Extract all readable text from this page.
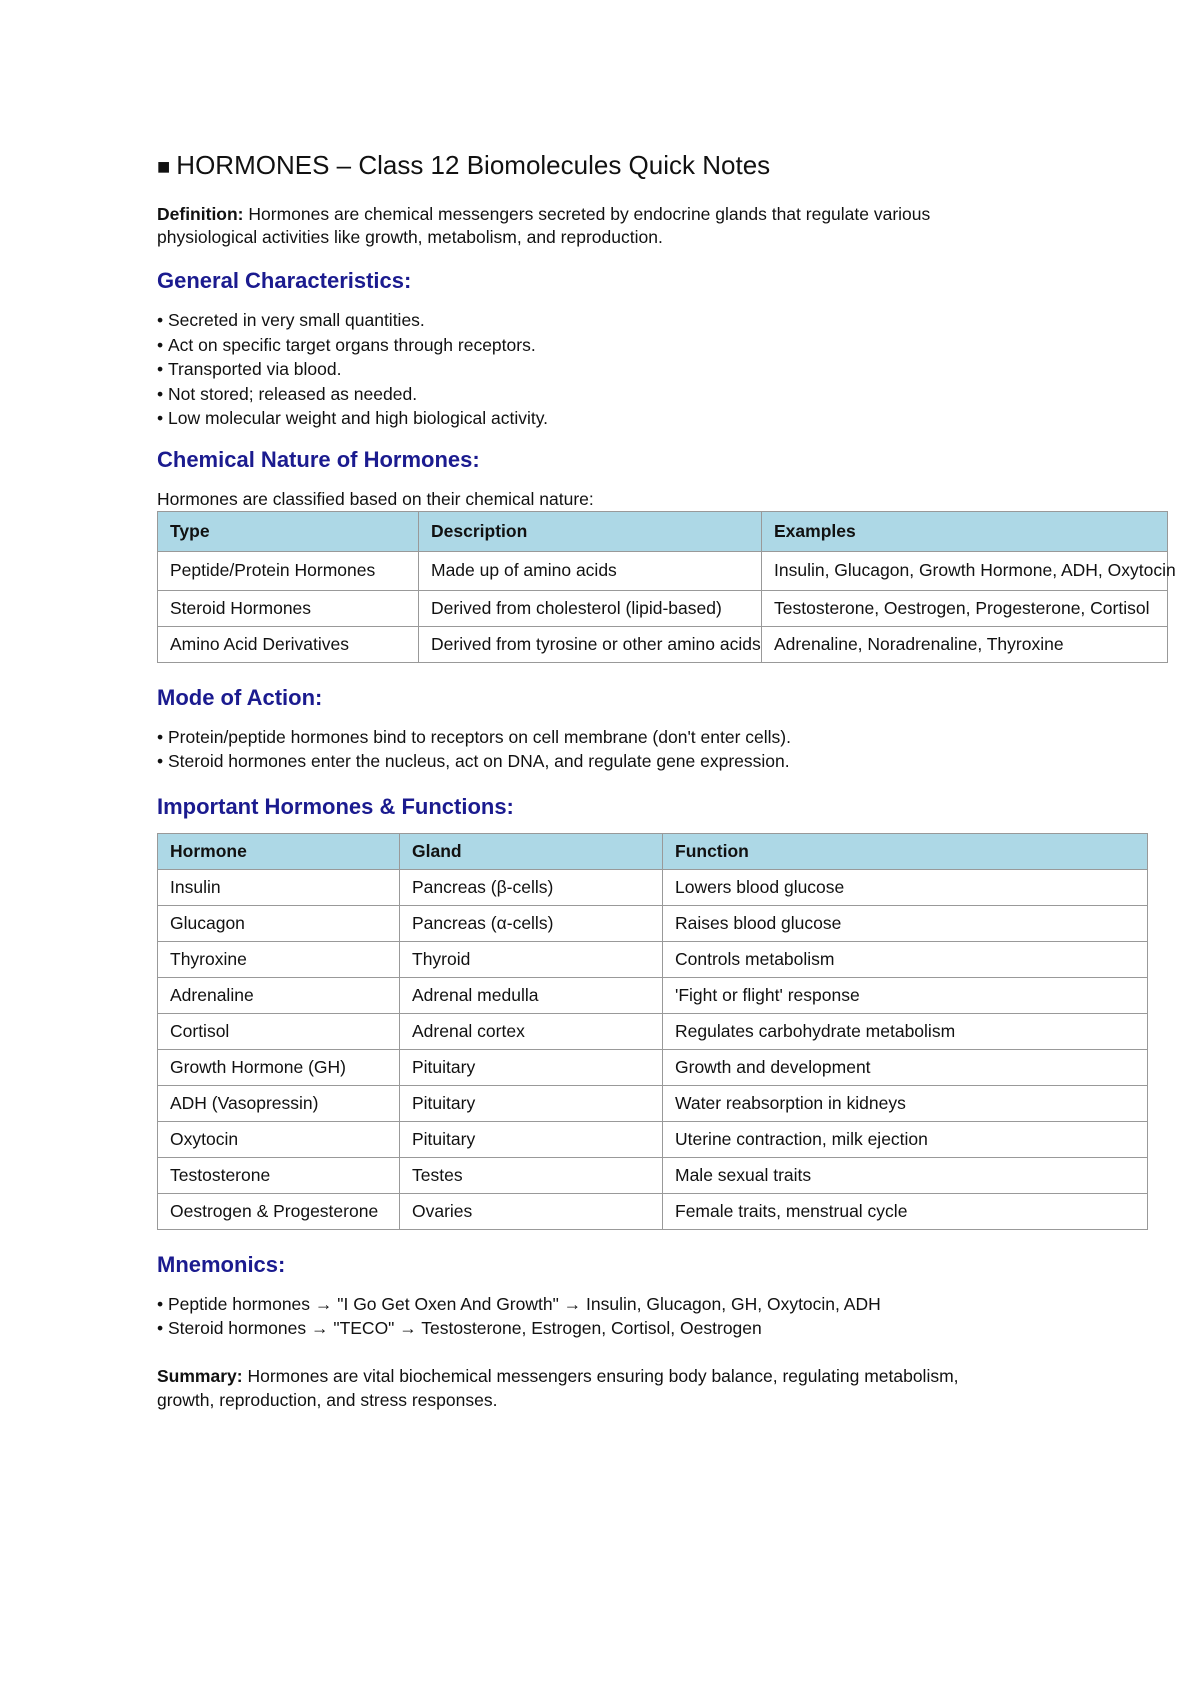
■ HORMONES – Class 12 Biomolecules Quick Notes

Definition: Hormones are chemical messengers secreted by endocrine glands that regulate various physiological activities like growth, metabolism, and reproduction.

General Characteristics:
• Secreted in very small quantities.
• Act on specific target organs through receptors.
• Transported via blood.
• Not stored; released as needed.
• Low molecular weight and high biological activity.
Chemical Nature of Hormones:

Hormones are classified based on their chemical nature:

Type	Description	Examples
Peptide/Protein Hormones	Made up of amino acids	Insulin, Glucagon, Growth Hormone, ADH, Oxytocin
Steroid Hormones	Derived from cholesterol (lipid-based)	Testosterone, Oestrogen, Progesterone, Cortisol
Amino Acid Derivatives	Derived from tyrosine or other amino acids	Adrenaline, Noradrenaline, Thyroxine
Mode of Action:
• Protein/peptide hormones bind to receptors on cell membrane (don't enter cells).
• Steroid hormones enter the nucleus, act on DNA, and regulate gene expression.
Important Hormones & Functions:
Hormone	Gland	Function
Insulin	Pancreas (β-cells)	Lowers blood glucose
Glucagon	Pancreas (α-cells)	Raises blood glucose
Thyroxine	Thyroid	Controls metabolism
Adrenaline	Adrenal medulla	'Fight or flight' response
Cortisol	Adrenal cortex	Regulates carbohydrate metabolism
Growth Hormone (GH)	Pituitary	Growth and development
ADH (Vasopressin)	Pituitary	Water reabsorption in kidneys
Oxytocin	Pituitary	Uterine contraction, milk ejection
Testosterone	Testes	Male sexual traits
Oestrogen & Progesterone	Ovaries	Female traits, menstrual cycle
Mnemonics:
• Peptide hormones → "I Go Get Oxen And Growth" → Insulin, Glucagon, GH, Oxytocin, ADH
• Steroid hormones → "TECO" → Testosterone, Estrogen, Cortisol, Oestrogen

Summary: Hormones are vital biochemical messengers ensuring body balance, regulating metabolism, growth, reproduction, and stress responses.
